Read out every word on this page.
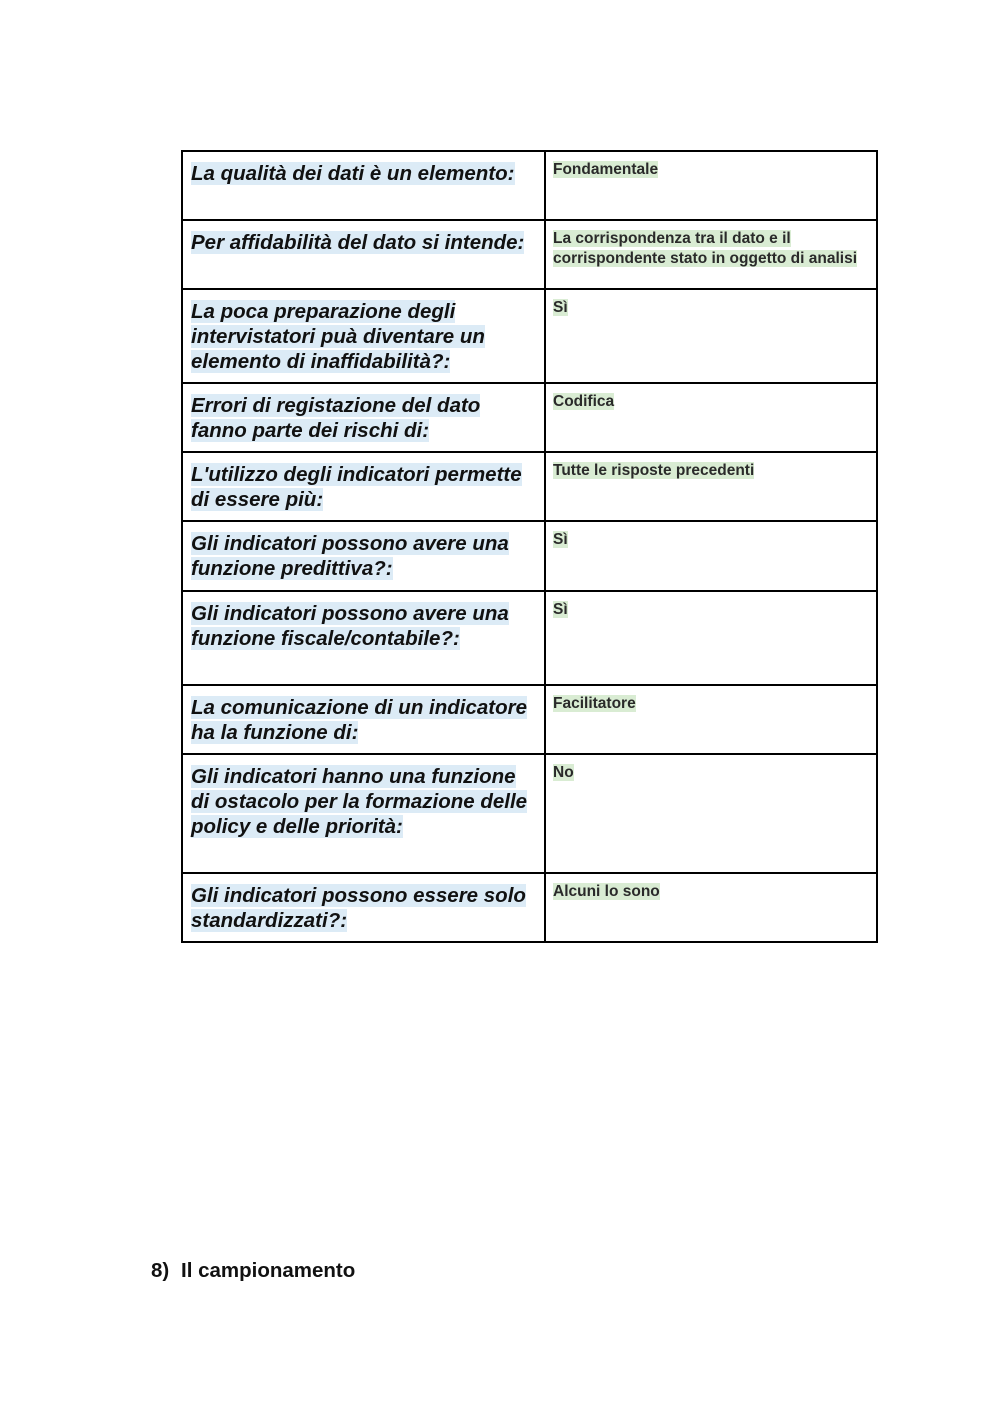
La qualità dei dati è un elemento:	Fondamentale
Per affidabilità del dato si intende:	La corrispondenza tra il dato e il corrispondente stato in oggetto di analisi
La poca preparazione degli intervistatori puà diventare un elemento di inaffidabilità?:	Sì
Errori di registazione del dato fanno parte dei rischi di:	Codifica
L'utilizzo degli indicatori permette di essere più:	Tutte le risposte precedenti
Gli indicatori possono avere una funzione predittiva?:	Sì
Gli indicatori possono avere una funzione fiscale/contabile?:	Sì
La comunicazione di un indicatore ha la funzione di:	Facilitatore
Gli indicatori hanno una funzione di ostacolo per la formazione delle policy e delle priorità:	No
Gli indicatori possono essere solo standardizzati?:	Alcuni lo sono
8) Il campionamento
